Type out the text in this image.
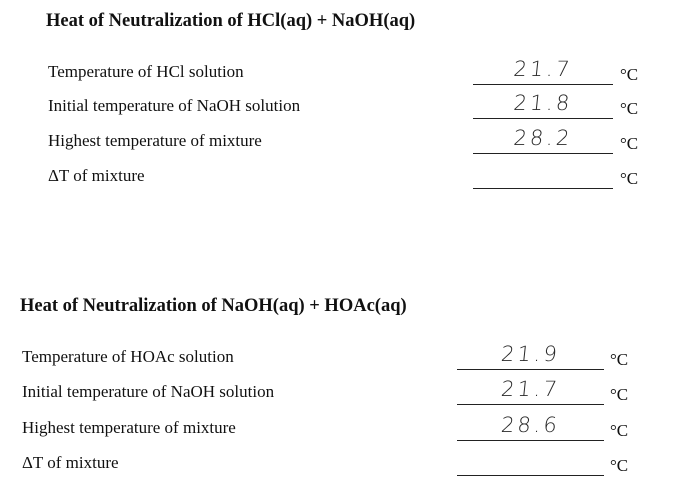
Heat of Neutralization of HCl(aq) + NaOH(aq)
Temperature of HCl solution	21.7	°C
Initial temperature of NaOH solution	21.8	°C
Highest temperature of mixture	28.2	°C
ΔT of mixture	°C
Heat of Neutralization of NaOH(aq) + HOAc(aq)
Temperature of HOAc solution	21.9	°C
Initial temperature of NaOH solution	21.7	°C
Highest temperature of mixture	28.6	°C
ΔT of mixture	°C
